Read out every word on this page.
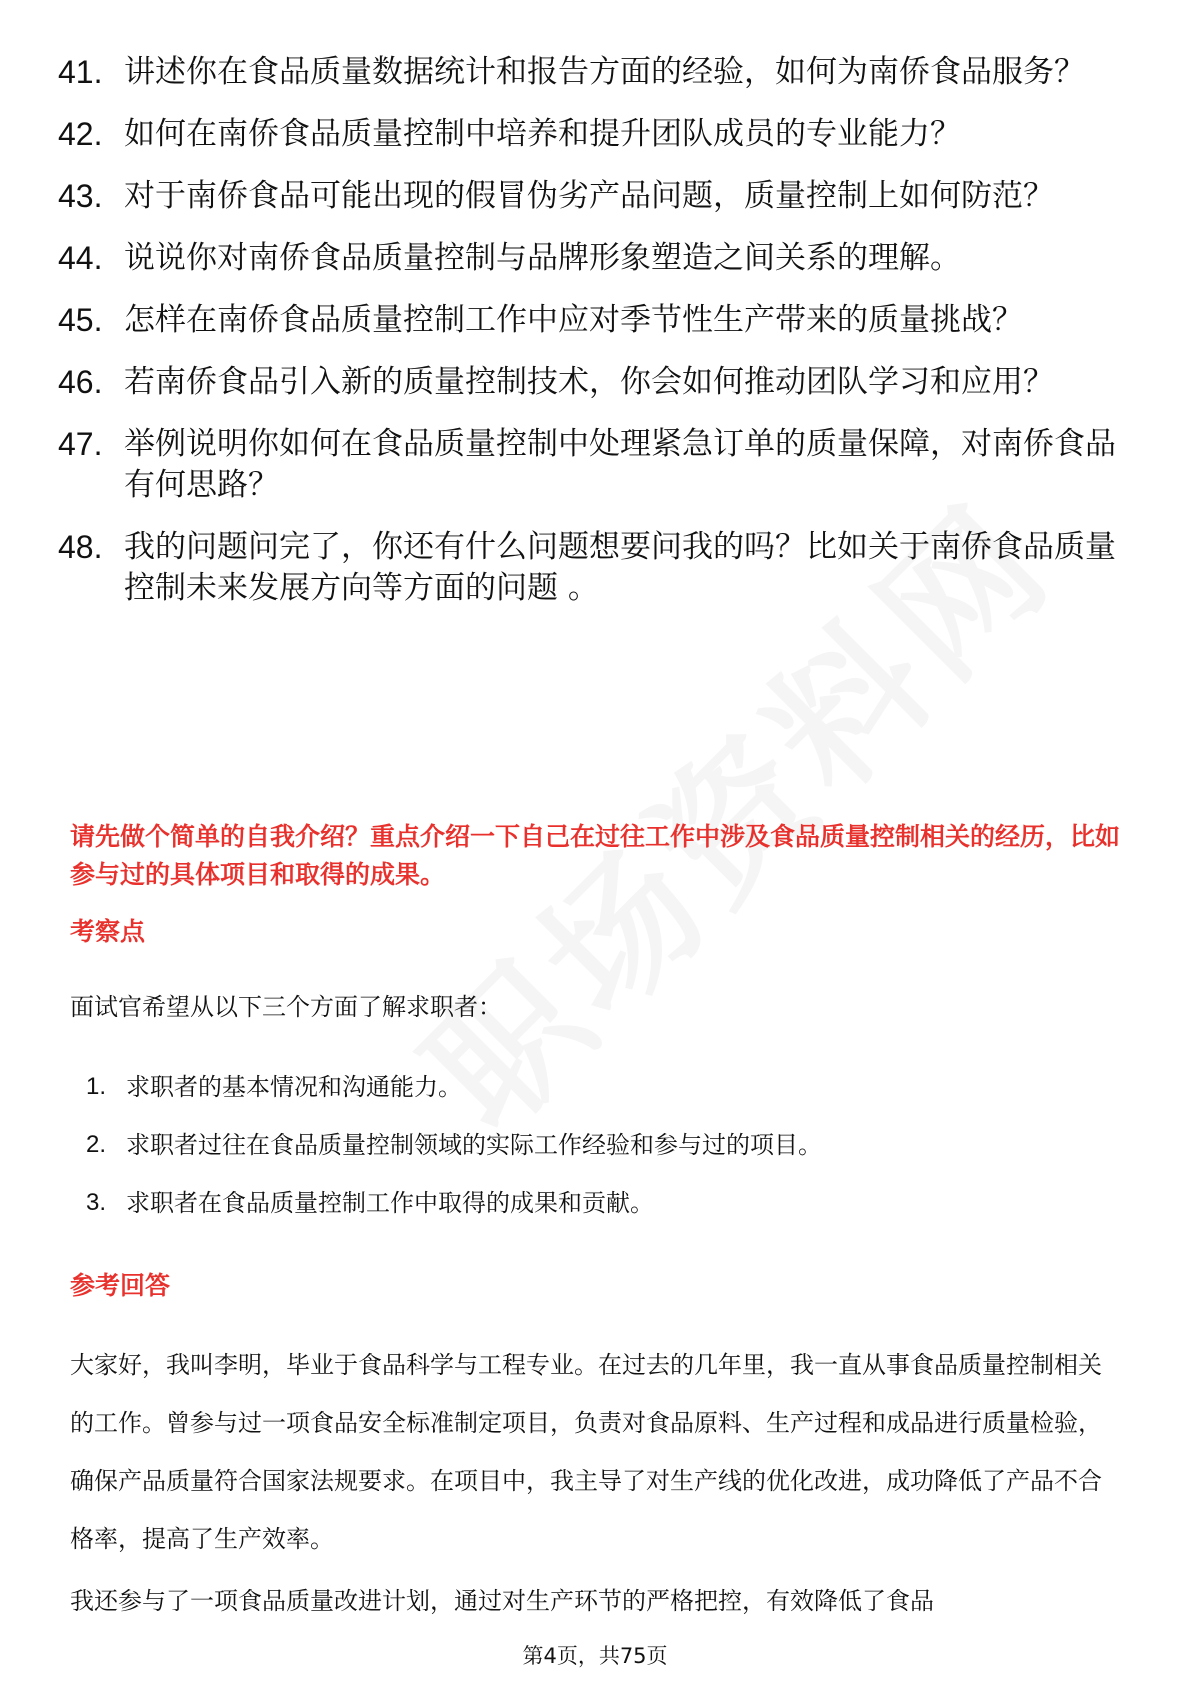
41. 讲述你在食品质量数据统计和报告方面的经验，如何为南侨食品服务？
42. 如何在南侨食品质量控制中培养和提升团队成员的专业能力？
43. 对于南侨食品可能出现的假冒伪劣产品问题，质量控制上如何防范？
44. 说说你对南侨食品质量控制与品牌形象塑造之间关系的理解。
45. 怎样在南侨食品质量控制工作中应对季节性生产带来的质量挑战？
46. 若南侨食品引入新的质量控制技术，你会如何推动团队学习和应用？
47. 举例说明你如何在食品质量控制中处理紧急订单的质量保障，对南侨食品有何思路？
48. 我的问题问完了，你还有什么问题想要问我的吗？比如关于南侨食品质量控制未来发展方向等方面的问题 。

请先做个简单的自我介绍？重点介绍一下自己在过往工作中涉及食品质量控制相关的经历，比如参与过的具体项目和取得的成果。

考察点

面试官希望从以下三个方面了解求职者：

1. 求职者的基本情况和沟通能力。
2. 求职者过往在食品质量控制领域的实际工作经验和参与过的项目。
3. 求职者在食品质量控制工作中取得的成果和贡献。
参考回答

大家好，我叫李明，毕业于食品科学与工程专业。在过去的几年里，我一直从事食品质量控制相关的工作。曾参与过一项食品安全标准制定项目，负责对食品原料、生产过程和成品进行质量检验，确保产品质量符合国家法规要求。在项目中，我主导了对生产线的优化改进，成功降低了产品不合格率，提高了生产效率。

我还参与了一项食品质量改进计划，通过对生产环节的严格把控，有效降低了食品

第4页，共75页
